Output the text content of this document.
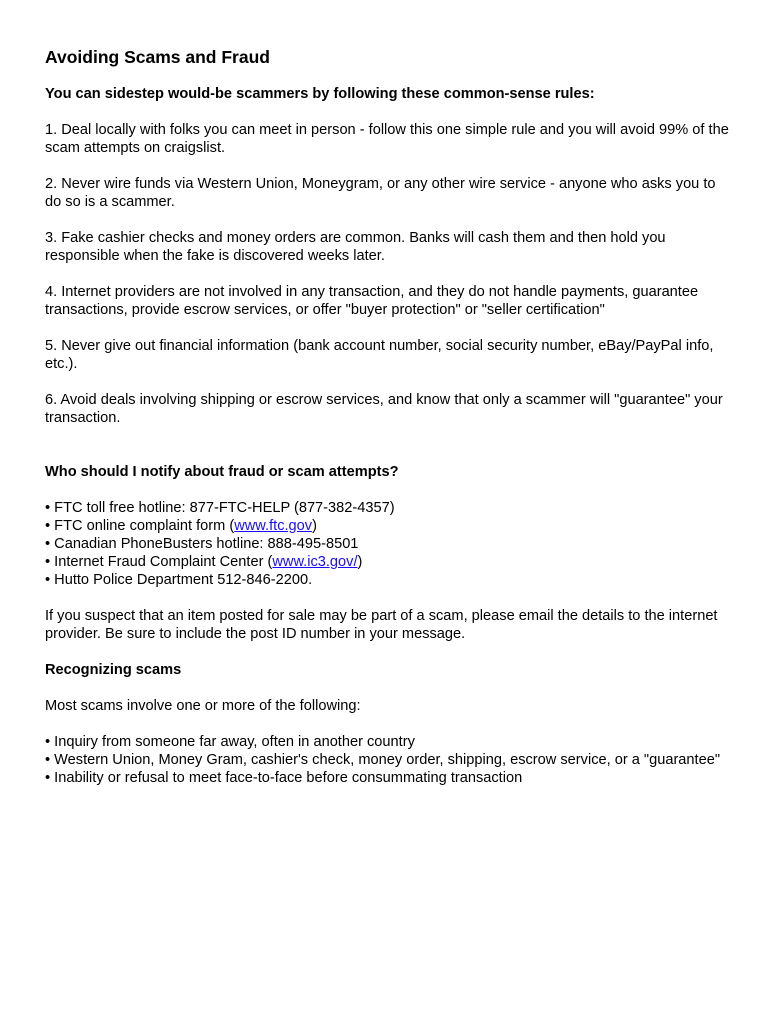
Avoiding Scams and Fraud

You can sidestep would-be scammers by following these common-sense rules:

1. Deal locally with folks you can meet in person - follow this one simple rule and you will avoid 99% of the scam attempts on craigslist.

2. Never wire funds via Western Union, Moneygram, or any other wire service - anyone who asks you to do so is a scammer.

3. Fake cashier checks and money orders are common. Banks will cash them and then hold you responsible when the fake is discovered weeks later.

4. Internet providers are not involved in any transaction, and they do not handle payments, guarantee transactions, provide escrow services, or offer "buyer protection" or "seller certification"

5. Never give out financial information (bank account number, social security number, eBay/PayPal info, etc.).

6. Avoid deals involving shipping or escrow services, and know that only a scammer will "guarantee" your transaction.

Who should I notify about fraud or scam attempts?

• FTC toll free hotline: 877-FTC-HELP (877-382-4357)
• FTC online complaint form (www.ftc.gov)
• Canadian PhoneBusters hotline: 888-495-8501
• Internet Fraud Complaint Center (www.ic3.gov/)
• Hutto Police Department 512-846-2200.

If you suspect that an item posted for sale may be part of a scam, please email the details to the internet provider. Be sure to include the post ID number in your message.

Recognizing scams

Most scams involve one or more of the following:

• Inquiry from someone far away, often in another country
• Western Union, Money Gram, cashier's check, money order, shipping, escrow service, or a "guarantee"
• Inability or refusal to meet face-to-face before consummating transaction
